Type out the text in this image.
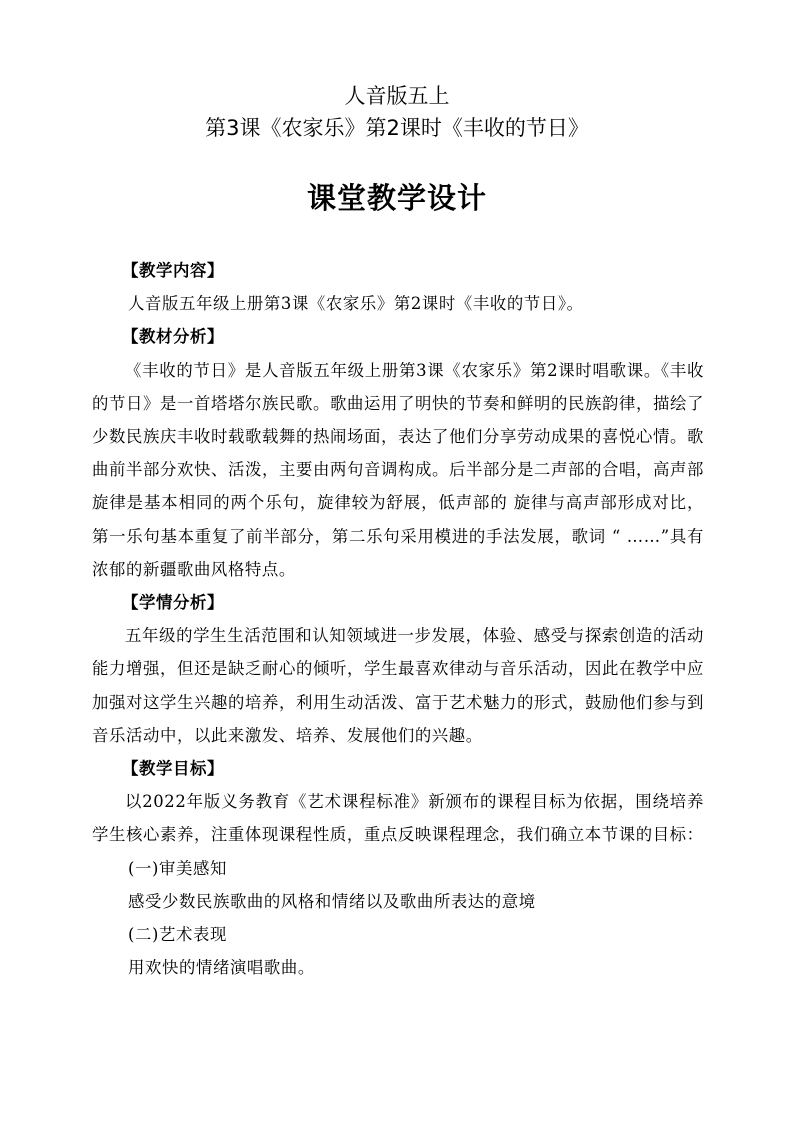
人音版五上
第3课《农家乐》第2课时《丰收的节日》
课堂教学设计

【教学内容】

人音版五年级上册第3课《农家乐》第2课时《丰收的节日》。

【教材分析】

《丰收的节日》是人音版五年级上册第3课《农家乐》第2课时唱歌课。《丰收的节日》是一首塔塔尔族民歌。歌曲运用了明快的节奏和鲜明的民族韵律，描绘了少数民族庆丰收时载歌载舞的热闹场面，表达了他们分享劳动成果的喜悦心情。歌曲前半部分欢快、活泼，主要由两句音调构成。后半部分是二声部的合唱，高声部旋律是基本相同的两个乐句，旋律较为舒展，低声部的 旋律与高声部形成对比，第一乐句基本重复了前半部分，第二乐句采用模进的手法发展，歌词 “ ……”具有浓郁的新疆歌曲风格特点。

【学情分析】

五年级的学生生活范围和认知领域进一步发展，体验、感受与探索创造的活动能力增强，但还是缺乏耐心的倾听，学生最喜欢律动与音乐活动，因此在教学中应加强对这学生兴趣的培养，利用生动活泼、富于艺术魅力的形式，鼓励他们参与到音乐活动中，以此来激发、培养、发展他们的兴趣。

【教学目标】

以2022年版义务教育《艺术课程标准》新颁布的课程目标为依据，围绕培养学生核心素养，注重体现课程性质，重点反映课程理念，我们确立本节课的目标：

(一)审美感知

感受少数民族歌曲的风格和情绪以及歌曲所表达的意境

(二)艺术表现

用欢快的情绪演唱歌曲。
